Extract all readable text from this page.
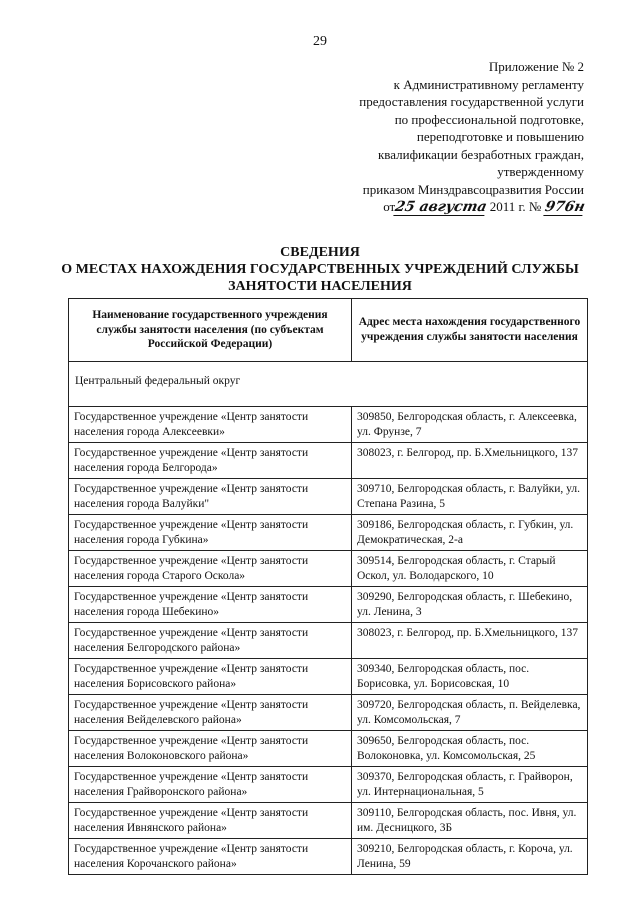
29
Приложение № 2
к Административному регламенту
предоставления государственной услуги
по профессиональной подготовке,
переподготовке и повышению
квалификации безработных граждан,
утвержденному
приказом Минздравсоцразвития России
от25 августа 2011 г. № 976н
СВЕДЕНИЯ
О МЕСТАХ НАХОЖДЕНИЯ ГОСУДАРСТВЕННЫХ УЧРЕЖДЕНИЙ СЛУЖБЫ
ЗАНЯТОСТИ НАСЕЛЕНИЯ
Наименование государственного учреждения службы занятости населения (по субъектам Российской Федерации)	Адрес места нахождения государственного учреждения службы занятости населения
Центральный федеральный округ	
Государственное учреждение «Центр занятости населения города Алексеевки»	309850, Белгородская область, г. Алексеевка, ул. Фрунзе, 7
Государственное учреждение «Центр занятости населения города Белгорода»	308023, г. Белгород, пр. Б.Хмельницкого, 137
Государственное учреждение «Центр занятости населения города Валуйки"	309710, Белгородская область, г. Валуйки, ул. Степана Разина, 5
Государственное учреждение «Центр занятости населения города Губкина»	309186, Белгородская область, г. Губкин, ул. Демократическая, 2-а
Государственное учреждение «Центр занятости населения города Старого Оскола»	309514, Белгородская область, г. Старый Оскол, ул. Володарского, 10
Государственное учреждение «Центр занятости населения города Шебекино»	309290, Белгородская область, г. Шебекино, ул. Ленина, 3
Государственное учреждение «Центр занятости населения Белгородского района»	308023, г. Белгород, пр. Б.Хмельницкого, 137
Государственное учреждение «Центр занятости населения Борисовского района»	309340, Белгородская область, пос. Борисовка, ул. Борисовская, 10
Государственное учреждение «Центр занятости населения Вейделевского района»	309720, Белгородская область, п. Вейделевка, ул. Комсомольская, 7
Государственное учреждение «Центр занятости населения Волоконовского района»	309650, Белгородская область, пос. Волоконовка, ул. Комсомольская, 25
Государственное учреждение «Центр занятости населения Грайворонского района»	309370, Белгородская область, г. Грайворон, ул. Интернациональная, 5
Государственное учреждение «Центр занятости населения Ивнянского района»	309110, Белгородская область, пос. Ивня, ул. им. Десницкого, 3Б
Государственное учреждение «Центр занятости населения Корочанского района»	309210, Белгородская область, г. Короча, ул. Ленина, 59
